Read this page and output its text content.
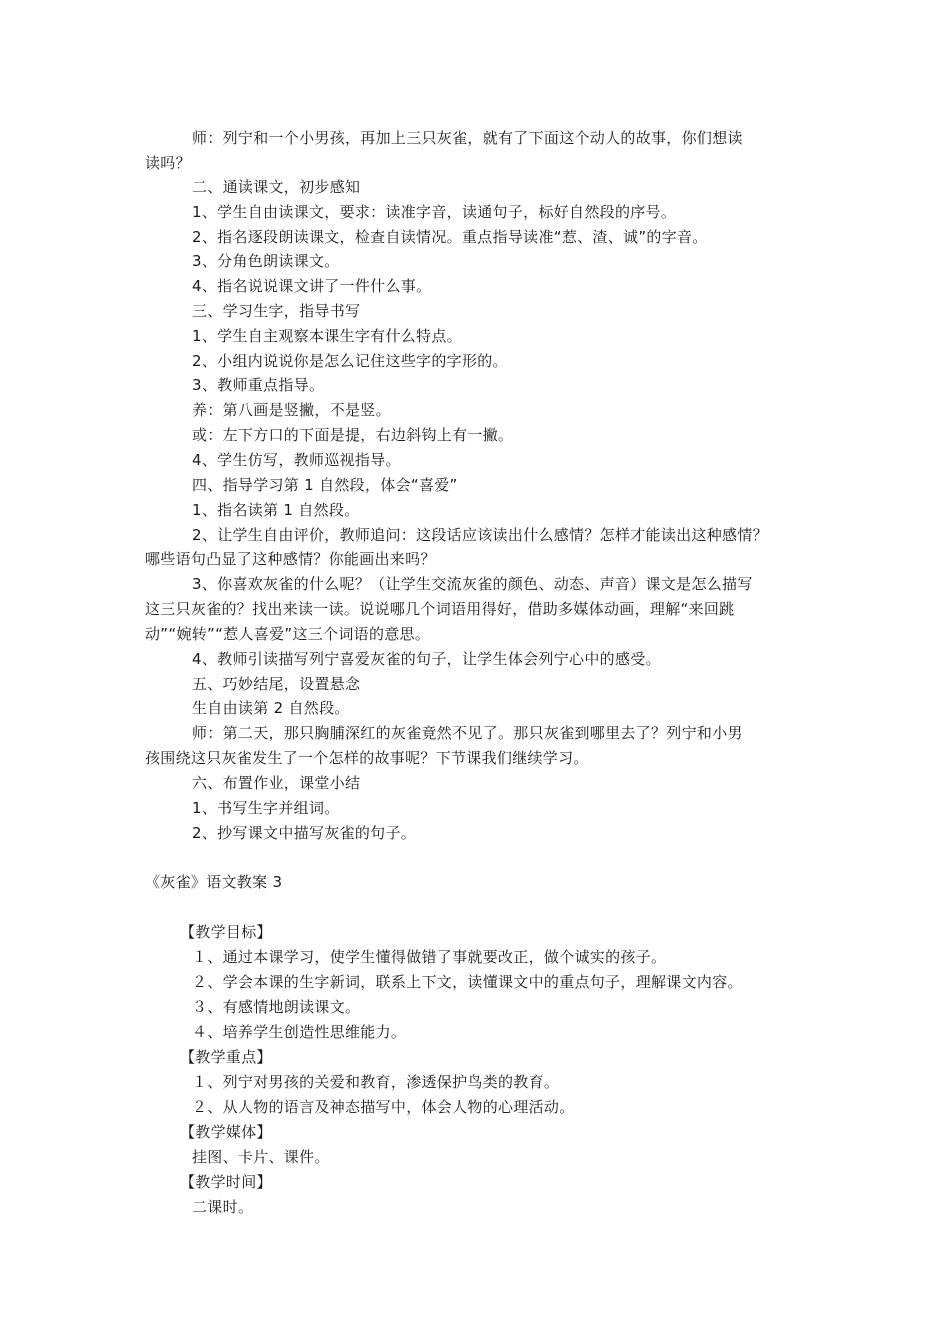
师：列宁和一个小男孩，再加上三只灰雀，就有了下面这个动人的故事，你们想读
读吗？
二、通读课文，初步感知
1、学生自由读课文，要求：读准字音，读通句子，标好自然段的序号。
2、指名逐段朗读课文，检查自读情况。重点指导读准“惹、渣、诚”的字音。
3、分角色朗读课文。
4、指名说说课文讲了一件什么事。
三、学习生字，指导书写
1、学生自主观察本课生字有什么特点。
2、小组内说说你是怎么记住这些字的字形的。
3、教师重点指导。
养：第八画是竖撇，不是竖。
或：左下方口的下面是提，右边斜钩上有一撇。
4、学生仿写，教师巡视指导。
四、指导学习第 1 自然段，体会“喜爱”
1、指名读第 1 自然段。
2、让学生自由评价，教师追问：这段话应该读出什么感情？怎样才能读出这种感情？
哪些语句凸显了这种感情？你能画出来吗？
3、你喜欢灰雀的什么呢？（让学生交流灰雀的颜色、动态、声音）课文是怎么描写
这三只灰雀的？找出来读一读。说说哪几个词语用得好，借助多媒体动画，理解“来回跳
动”“婉转”“惹人喜爱”这三个词语的意思。
4、教师引读描写列宁喜爱灰雀的句子，让学生体会列宁心中的感受。
五、巧妙结尾，设置悬念
生自由读第 2 自然段。
师：第二天，那只胸脯深红的灰雀竟然不见了。那只灰雀到哪里去了？列宁和小男
孩围绕这只灰雀发生了一个怎样的故事呢？下节课我们继续学习。
六、布置作业，课堂小结
1、书写生字并组词。
2、抄写课文中描写灰雀的句子。
《灰雀》语文教案 3
【教学目标】
１、通过本课学习，使学生懂得做错了事就要改正，做个诚实的孩子。
２、学会本课的生字新词，联系上下文，读懂课文中的重点句子，理解课文内容。
３、有感情地朗读课文。
４、培养学生创造性思维能力。
【教学重点】
１、列宁对男孩的关爱和教育，渗透保护鸟类的教育。
２、从人物的语言及神态描写中，体会人物的心理活动。
【教学媒体】
挂图、卡片、课件。
【教学时间】
二课时。
